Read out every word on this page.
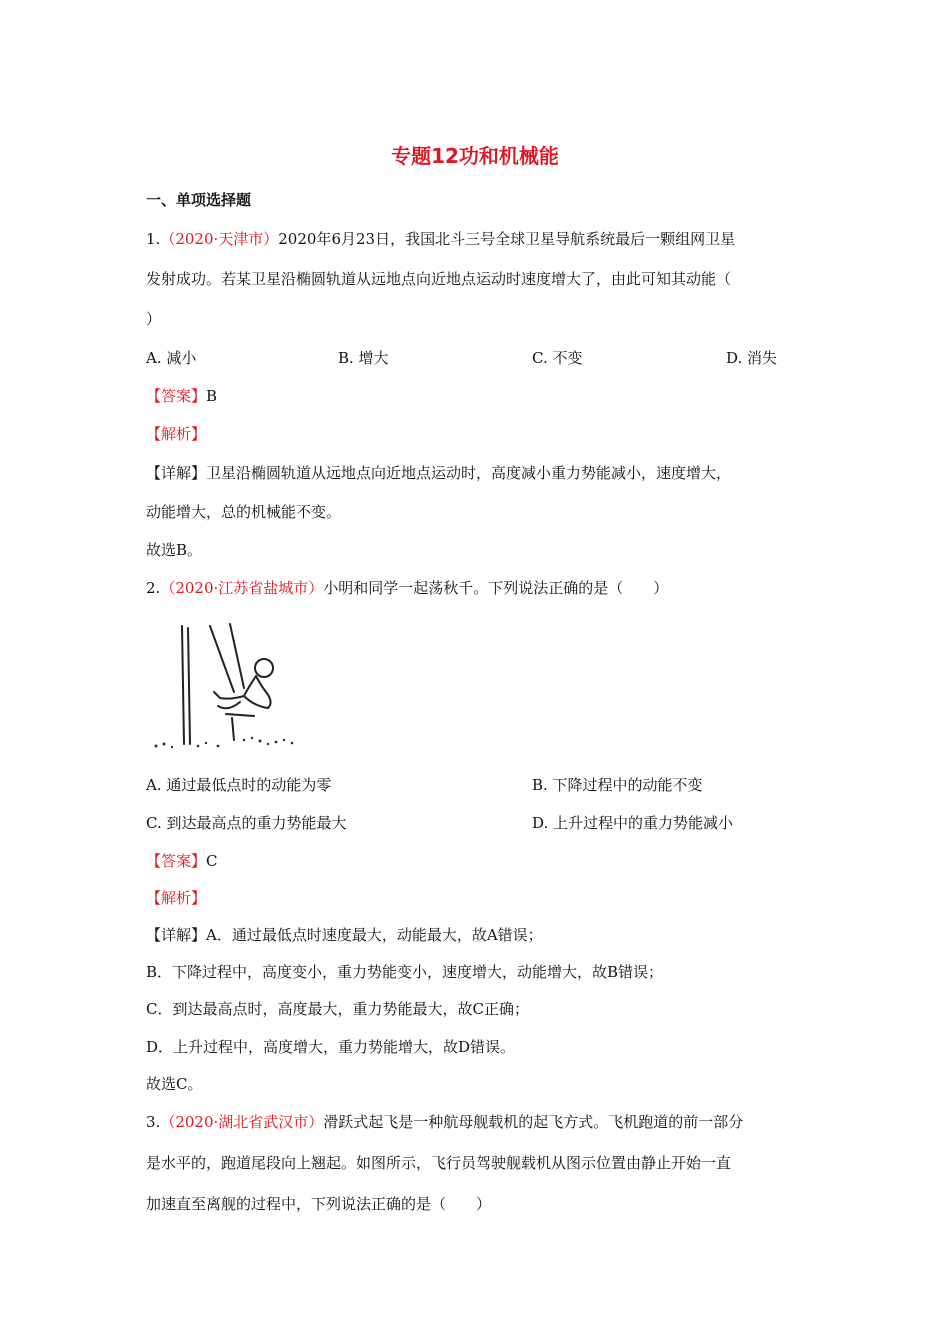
专题12功和机械能
一、单项选择题
1.（2020·天津市）2020年6月23日，我国北斗三号全球卫星导航系统最后一颗组网卫星
发射成功。若某卫星沿椭圆轨道从远地点向近地点运动时速度增大了，由此可知其动能（
）
A. 减小	B. 增大	C. 不变	D. 消失
【答案】B
【解析】
【详解】卫星沿椭圆轨道从远地点向近地点运动时，高度减小重力势能减小，速度增大，
动能增大，总的机械能不变。
故选B。
2.（2020·江苏省盐城市）小明和同学一起荡秋千。下列说法正确的是（　　）
A. 通过最低点时的动能为零	B. 下降过程中的动能不变
C. 到达最高点的重力势能最大	D. 上升过程中的重力势能减小
【答案】C
【解析】
【详解】A．通过最低点时速度最大，动能最大，故A错误；
B．下降过程中，高度变小，重力势能变小，速度增大，动能增大，故B错误；
C．到达最高点时，高度最大，重力势能最大，故C正确；
D．上升过程中，高度增大，重力势能增大，故D错误。
故选C。
3.（2020·湖北省武汉市）滑跃式起飞是一种航母舰载机的起飞方式。飞机跑道的前一部分
是水平的，跑道尾段向上翘起。如图所示，飞行员驾驶舰载机从图示位置由静止开始一直
加速直至离舰的过程中，下列说法正确的是（　　）
